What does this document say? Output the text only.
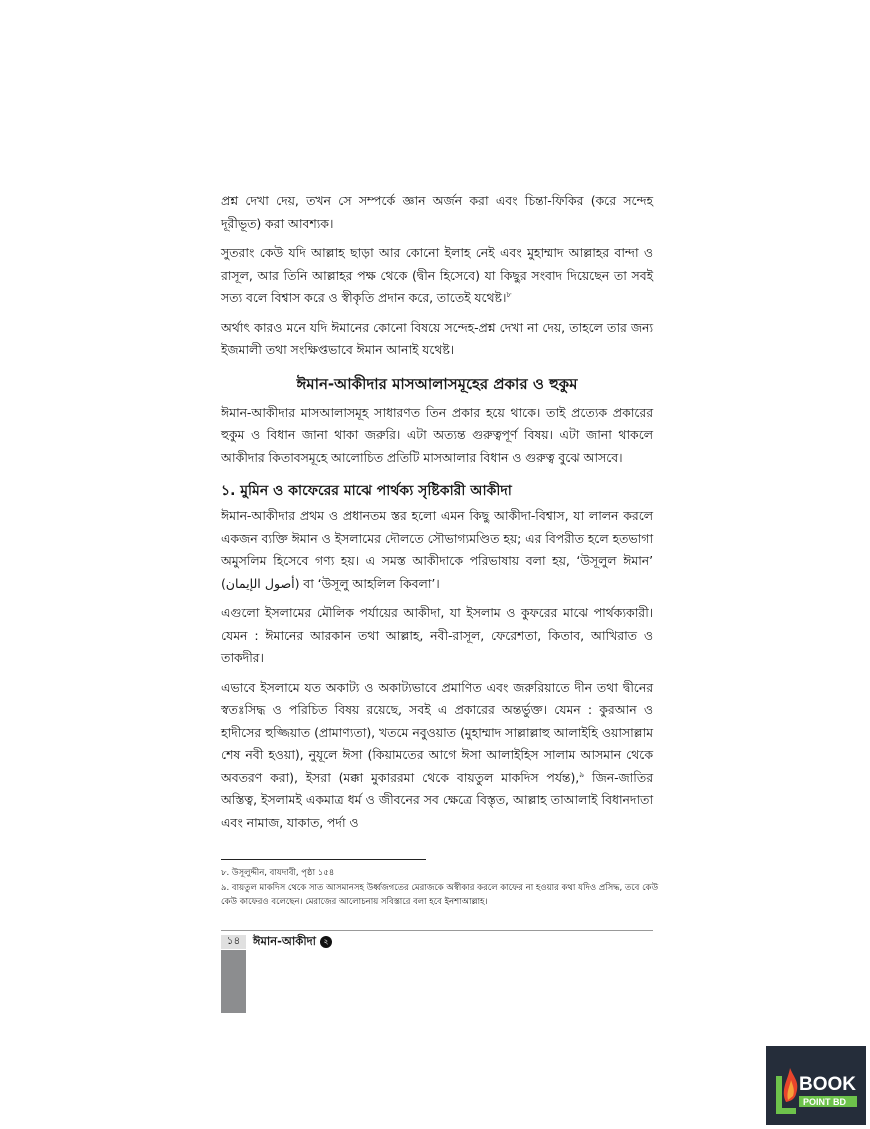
প্রশ্ন দেখা দেয়, তখন সে সম্পর্কে জ্ঞান অর্জন করা এবং চিন্তা-ফিকির (করে সন্দেহ দূরীভূত) করা আবশ্যক।

সুতরাং কেউ যদি আল্লাহ ছাড়া আর কোনো ইলাহ নেই এবং মুহাম্মাদ আল্লাহর বান্দা ও রাসূল, আর তিনি আল্লাহর পক্ষ থেকে (দ্বীন হিসেবে) যা কিছুর সংবাদ দিয়েছেন তা সবই সত্য বলে বিশ্বাস করে ও স্বীকৃতি প্রদান করে, তাতেই যথেষ্ট।$^৮$

অর্থাৎ কারও মনে যদি ঈমানের কোনো বিষয়ে সন্দেহ-প্রশ্ন দেখা না দেয়, তাহলে তার জন্য ইজমালী তথা সংক্ষিপ্তভাবে ঈমান আনাই যথেষ্ট।

ঈমান-আকীদার মাসআলাসমূহের প্রকার ও হুকুম

ঈমান-আকীদার মাসআলাসমূহ সাধারণত তিন প্রকার হয়ে থাকে। তাই প্রত্যেক প্রকারের হুকুম ও বিধান জানা থাকা জরুরি। এটা অত্যন্ত গুরুত্বপূর্ণ বিষয়। এটা জানা থাকলে আকীদার কিতাবসমূহে আলোচিত প্রতিটি মাসআলার বিধান ও গুরুত্ব বুঝে আসবে।

১. মুমিন ও কাফেরের মাঝে পার্থক্য সৃষ্টিকারী আকীদা

ঈমান-আকীদার প্রথম ও প্রধানতম স্তর হলো এমন কিছু আকীদা-বিশ্বাস, যা লালন করলে একজন ব্যক্তি ঈমান ও ইসলামের দৌলতে সৌভাগ্যমণ্ডিত হয়; এর বিপরীত হলে হতভাগা অমুসলিম হিসেবে গণ্য হয়। এ সমস্ত আকীদাকে পরিভাষায় বলা হয়, ‘উসূলুল ঈমান’ (أصول الإيمان) বা ‘উসূলু আহলিল কিবলা’।

এগুলো ইসলামের মৌলিক পর্যায়ের আকীদা, যা ইসলাম ও কুফরের মাঝে পার্থক্যকারী। যেমন : ঈমানের আরকান তথা আল্লাহ, নবী-রাসূল, ফেরেশতা, কিতাব, আখিরাত ও তাকদীর।

এভাবে ইসলামে যত অকাট্য ও অকাট্যভাবে প্রমাণিত এবং জরুরিয়াতে দীন তথা দ্বীনের স্বতঃসিদ্ধ ও পরিচিত বিষয় রয়েছে, সবই এ প্রকারের অন্তর্ভুক্ত। যেমন : কুরআন ও হাদীসের হুজ্জিয়াত (প্রামাণ্যতা), খতমে নবুওয়াত (মুহাম্মাদ সাল্লাল্লাহু আলাইহি ওয়াসাল্লাম শেষ নবী হওয়া), নুযূলে ঈসা (কিয়ামতের আগে ঈসা আলাইহিস সালাম আসমান থেকে অবতরণ করা), ইসরা (মক্কা মুকাররমা থেকে বায়তুল মাকদিস পর্যন্ত),$^৯$ জিন-জাতির অস্তিত্ব, ইসলামই একমাত্র ধর্ম ও জীবনের সব ক্ষেত্রে বিস্তৃত, আল্লাহ তাআলাই বিধানদাতা এবং নামাজ, যাকাত, পর্দা ও

৮. উসূলুদ্দীন, বাযদাবী, পৃষ্ঠা ১৫৪

৯. বায়তুল মাকদিস থেকে সাত আসমানসহ উর্ধ্বজগতের মেরাজকে অস্বীকার করলে কাফের না হওয়ার কথা যদিও প্রসিদ্ধ, তবে কেউ কেউ কাফেরও বলেছেন। মেরাজের আলোচনায় সবিস্তারে বলা হবে ইনশাআল্লাহ।

১৪	ঈমান-আকীদা ২
BOOK
POINT BD
